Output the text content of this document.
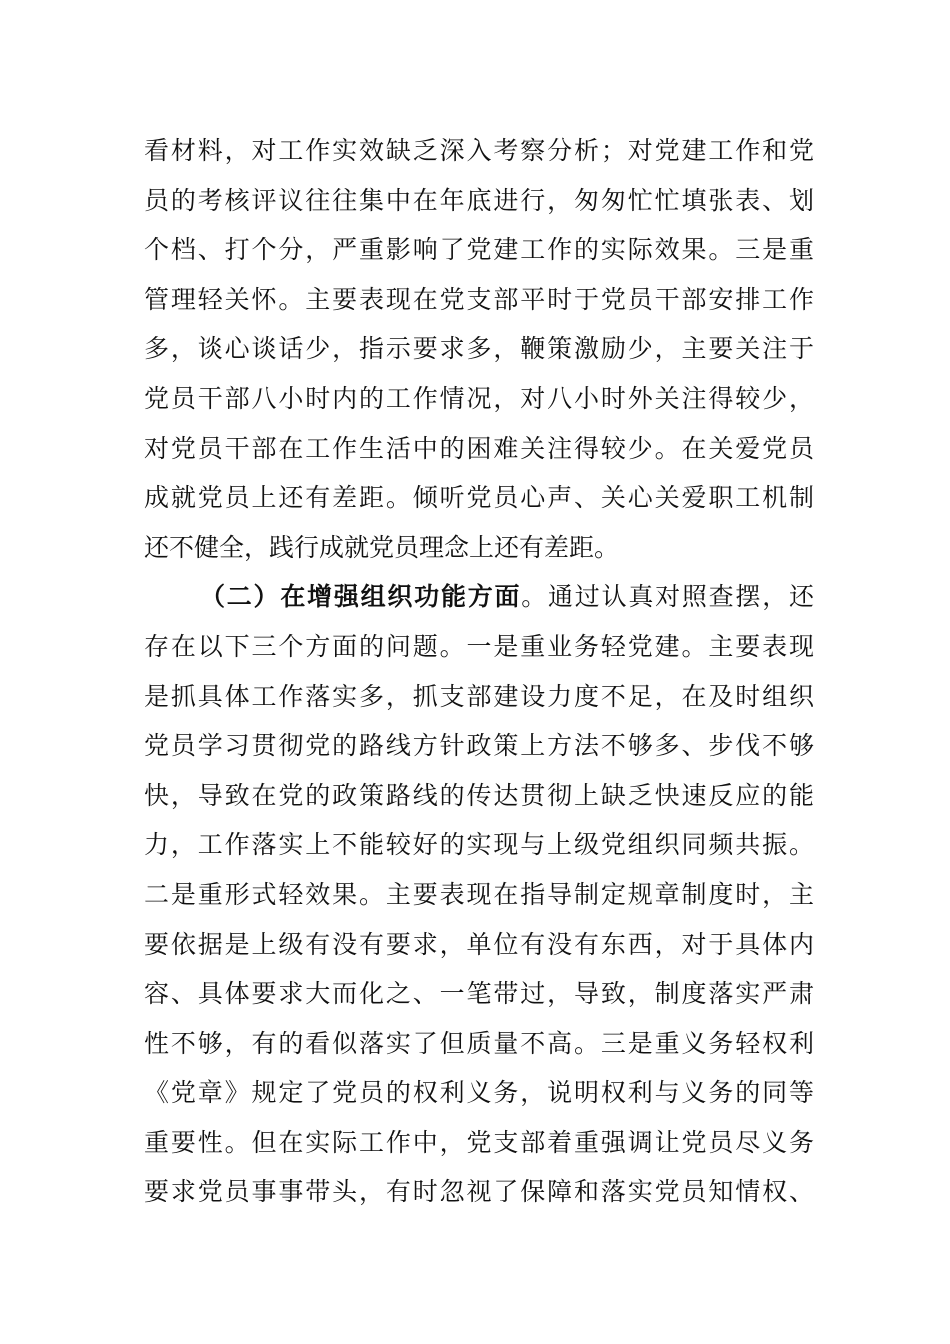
看材料，对工作实效缺乏深入考察分析；对党建工作和党
员的考核评议往往集中在年底进行，匆匆忙忙填张表、划
个档、打个分，严重影响了党建工作的实际效果。三是重
管理轻关怀。主要表现在党支部平时于党员干部安排工作
多，谈心谈话少，指示要求多，鞭策激励少，主要关注于
党员干部八小时内的工作情况，对八小时外关注得较少，
对党员干部在工作生活中的困难关注得较少。在关爱党员
成就党员上还有差距。倾听党员心声、关心关爱职工机制
还不健全，践行成就党员理念上还有差距。
（二）在增强组织功能方面。通过认真对照查摆，还
存在以下三个方面的问题。一是重业务轻党建。主要表现
是抓具体工作落实多，抓支部建设力度不足，在及时组织
党员学习贯彻党的路线方针政策上方法不够多、步伐不够
快，导致在党的政策路线的传达贯彻上缺乏快速反应的能
力，工作落实上不能较好的实现与上级党组织同频共振。
二是重形式轻效果。主要表现在指导制定规章制度时，主
要依据是上级有没有要求，单位有没有东西，对于具体内
容、具体要求大而化之、一笔带过，导致，制度落实严肃
性不够，有的看似落实了但质量不高。三是重义务轻权利
《党章》规定了党员的权利义务，说明权利与义务的同等
重要性。但在实际工作中，党支部着重强调让党员尽义务
要求党员事事带头，有时忽视了保障和落实党员知情权、
